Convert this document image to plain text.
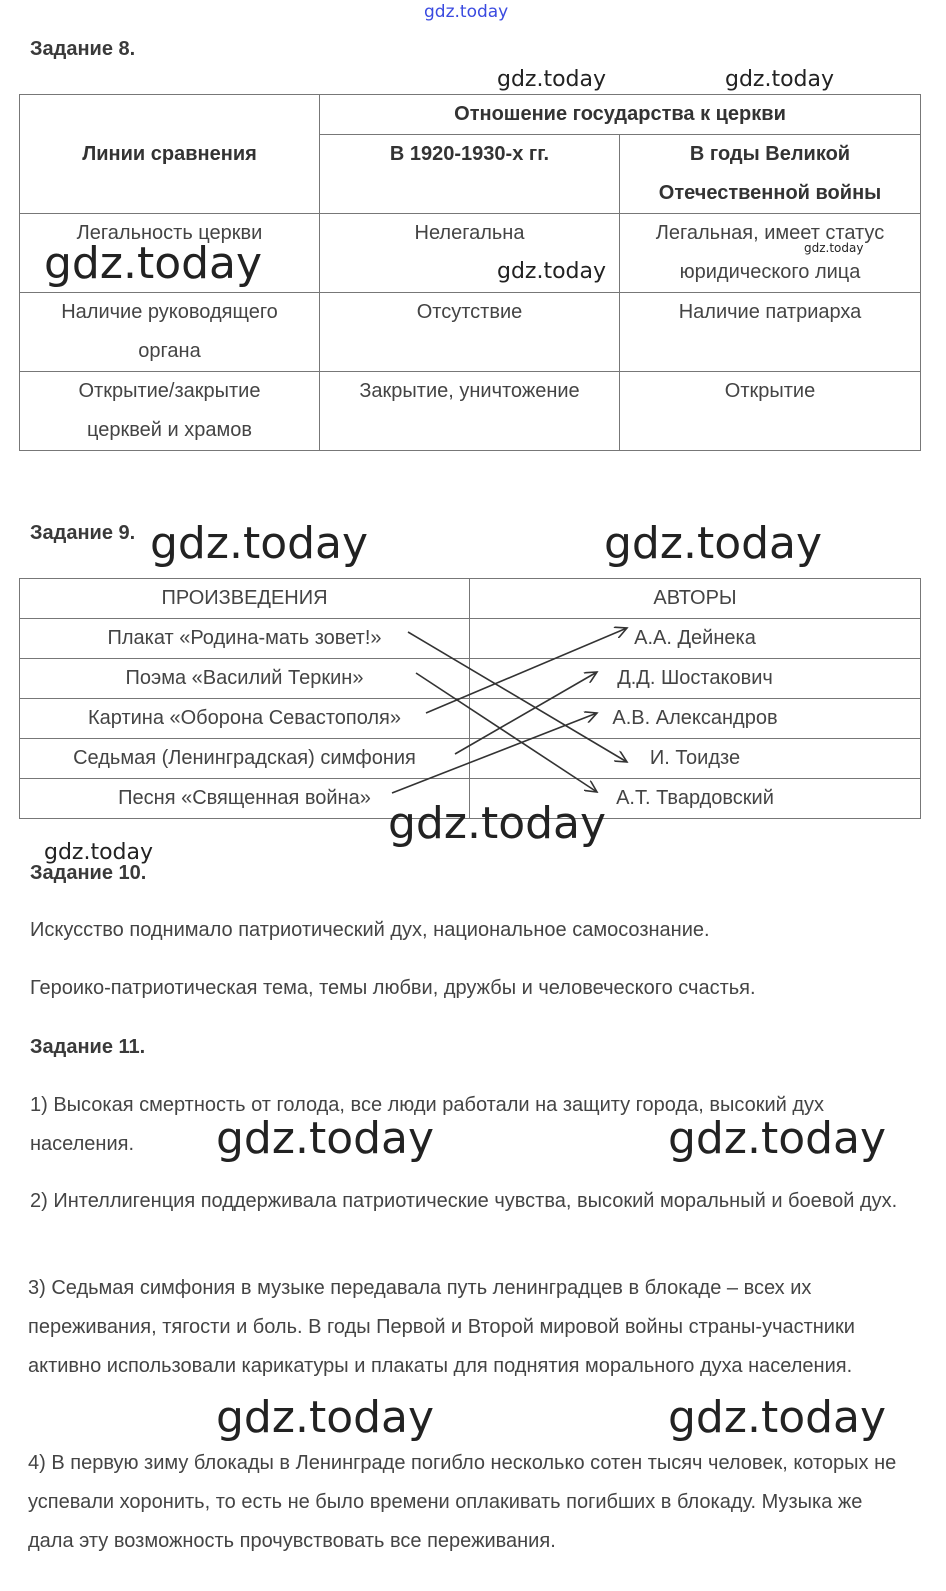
gdz.today
Задание 8.
gdz.today	gdz.today
Линии сравнения	Отношение государства к церкви	
	В 1920-1930-х гг.	В годы Великой
Отечественной войны

Легальность церкви	Нелегальна	Легальная, имеет статус
юридического лица

Наличие руководящего
органа	Отсутствие	Наличие патриарха

Открытие/закрытие
церквей и храмов	Закрытие, уничтожение	Открытие
gdz.today	gdz.today
gdz.today
Задание 9. gdz.today	gdz.today
ПРОИЗВЕДЕНИЯ	АВТОРЫ
Плакат «Родина-мать зовет!»	А.А. Дейнека
Поэма «Василий Теркин»	Д.Д. Шостакович
Картина «Оборона Севастополя»	А.В. Александров
Седьмая (Ленинградская) симфония	И. Тоидзе
Песня «Священная война»	А.Т. Твардовский
gdz.today
gdz.today
Задание 10.
Искусство поднимало патриотический дух, национальное самосознание.
Героико-патриотическая тема, темы любви, дружбы и человеческого счастья.
Задание 11.
1) Высокая смертность от голода, все люди работали на защиту города, высокий дух населения.	gdz.today	gdz.today
2) Интеллигенция поддерживала патриотические чувства, высокий моральный и боевой дух.
3) Седьмая симфония в музыке передавала путь ленинградцев в блокаде – всех их переживания, тягости и боль. В годы Первой и Второй мировой войны страны-участники активно использовали карикатуры и плакаты для поднятия морального духа населения.
gdz.today	gdz.today
4) В первую зиму блокады в Ленинграде погибло несколько сотен тысяч человек, которых не успевали хоронить, то есть не было времени оплакивать погибших в блокаду. Музыка же дала эту возможность прочувствовать все переживания.
